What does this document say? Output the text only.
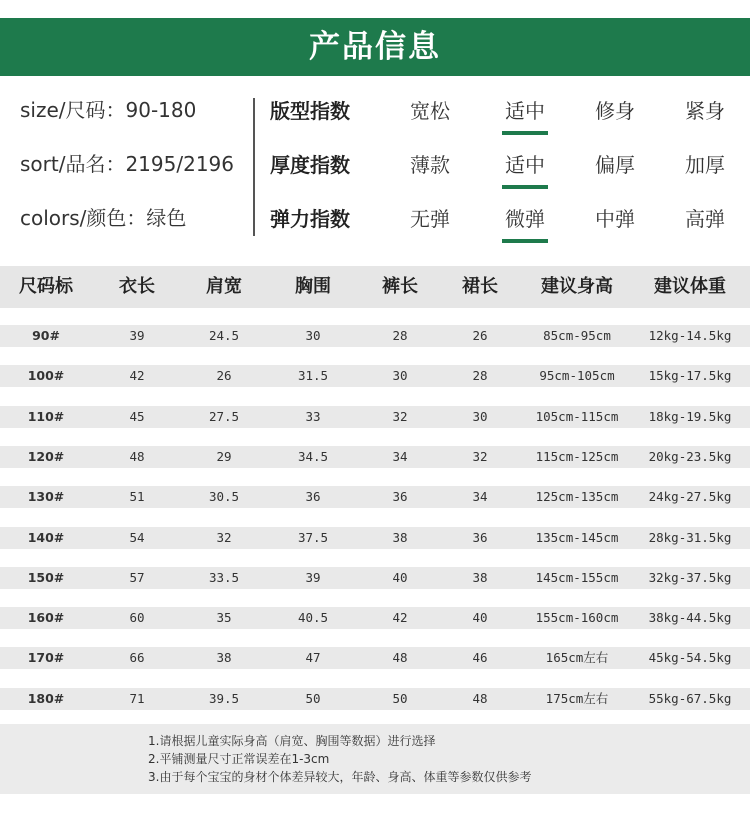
产品信息
size/尺码：90-180
sort/品名：2195/2196
colors/颜色：绿色
版型指数	宽松	适中	修身	紧身
厚度指数	薄款	适中	偏厚	加厚
弹力指数	无弹	微弹	中弹	高弹
尺码标	衣长	肩宽	胸围	裤长	裙长	建议身高	建议体重
90#	39	24.5	30	28	26	85cm-95cm	12kg-14.5kg
100#	42	26	31.5	30	28	95cm-105cm	15kg-17.5kg
110#	45	27.5	33	32	30	105cm-115cm	18kg-19.5kg
120#	48	29	34.5	34	32	115cm-125cm	20kg-23.5kg
130#	51	30.5	36	36	34	125cm-135cm	24kg-27.5kg
140#	54	32	37.5	38	36	135cm-145cm	28kg-31.5kg
150#	57	33.5	39	40	38	145cm-155cm	32kg-37.5kg
160#	60	35	40.5	42	40	155cm-160cm	38kg-44.5kg
170#	66	38	47	48	46	165cm左右	45kg-54.5kg
180#	71	39.5	50	50	48	175cm左右	55kg-67.5kg
1.请根据儿童实际身高（肩宽、胸围等数据）进行选择
2.平铺测量尺寸正常误差在1-3cm
3.由于每个宝宝的身材个体差异较大，年龄、身高、体重等参数仅供参考
